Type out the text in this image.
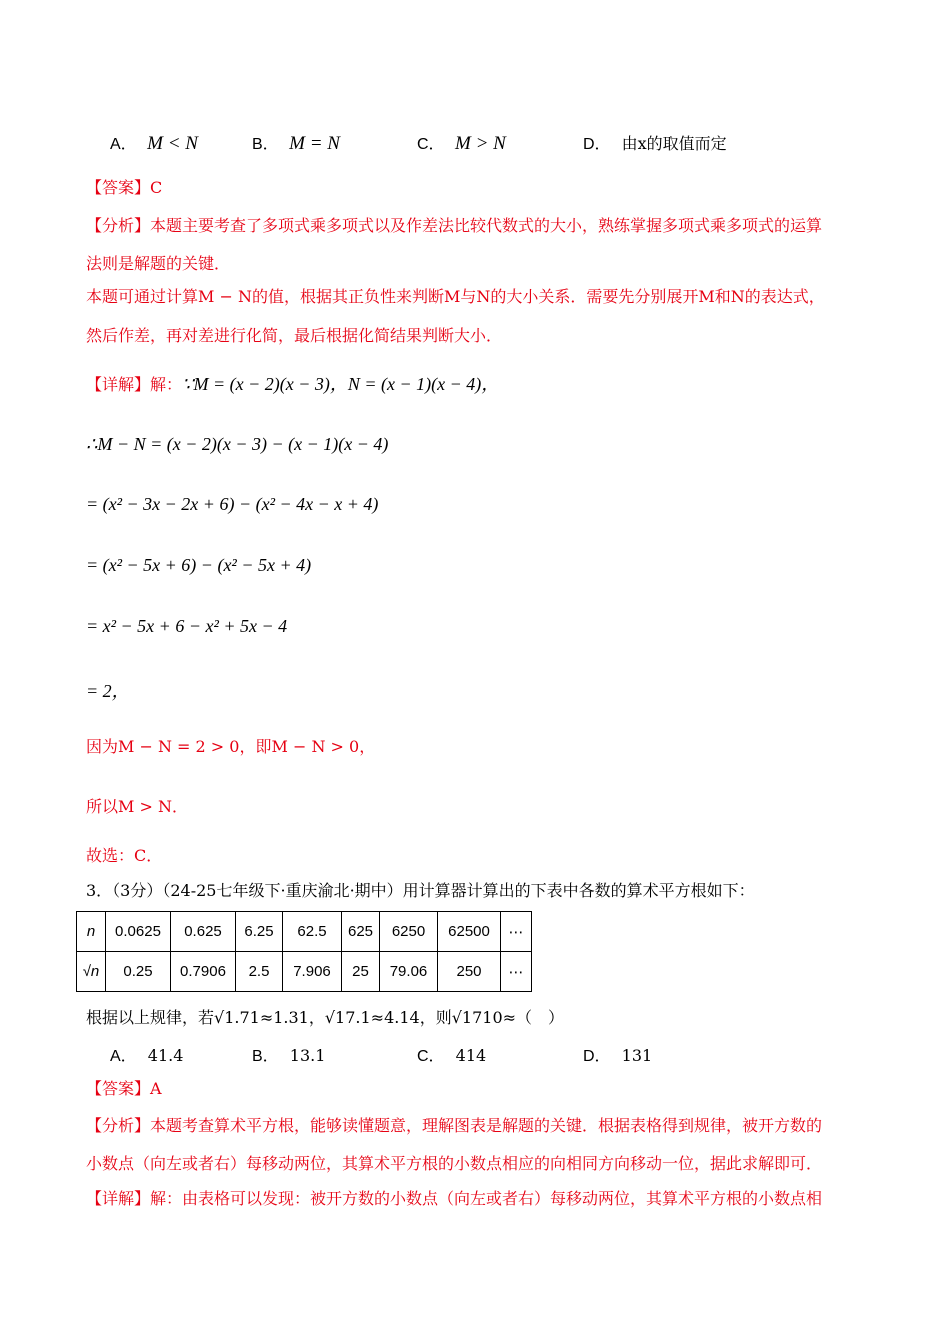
A． M < N	B． M = N	C． M > N	D． 由x的取值而定
【答案】C
【分析】本题主要考查了多项式乘多项式以及作差法比较代数式的大小，熟练掌握多项式乘多项式的运算
法则是解题的关键．
本题可通过计算M − N的值，根据其正负性来判断M与N的大小关系．需要先分别展开M和N的表达式，
然后作差，再对差进行化简，最后根据化简结果判断大小．
【详解】解：∵M = (x − 2)(x − 3)，N = (x − 1)(x − 4)，
∴M − N = (x − 2)(x − 3) − (x − 1)(x − 4)
= (x² − 3x − 2x + 6) − (x² − 4x − x + 4)
= (x² − 5x + 6) − (x² − 5x + 4)
= x² − 5x + 6 − x² + 5x − 4
= 2，
因为M − N = 2 > 0，即M − N > 0，
所以M > N．
故选：C．
3．（3分）（24-25七年级下·重庆渝北·期中）用计算器计算出的下表中各数的算术平方根如下：
n	0.0625	0.625	6.25	62.5	625	6250	62500	⋯
√n	0.25	0.7906	2.5	7.906	25	79.06	250	⋯
根据以上规律，若√1.71≈1.31，√17.1≈4.14，则√1710≈（　）
A． 41.4	B． 13.1	C． 414	D． 131
【答案】A
【分析】本题考查算术平方根，能够读懂题意，理解图表是解题的关键．根据表格得到规律，被开方数的
小数点（向左或者右）每移动两位，其算术平方根的小数点相应的向相同方向移动一位，据此求解即可．
【详解】解：由表格可以发现：被开方数的小数点（向左或者右）每移动两位，其算术平方根的小数点相
